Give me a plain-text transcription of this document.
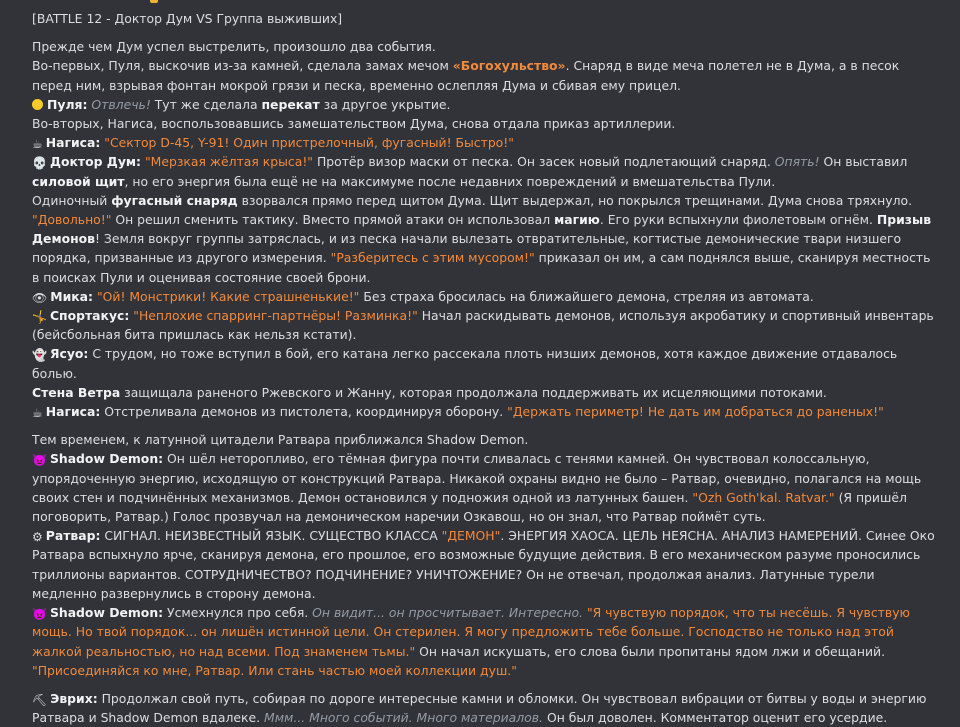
[BATTLE 12 - Доктор Дум VS Группа выживших]

Прежде чем Дум успел выстрелить, произошло два события.

Во-первых, Пуля, выскочив из-за камней, сделала замах мечом «Богохульство». Снаряд в виде меча полетел не в Дума, а в песок перед ним, взрывая фонтан мокрой грязи и песка, временно ослепляя Дума и сбивая ему прицел.

Пуля: Отвлечь! Тут же сделала перекат за другое укрытие.

Во-вторых, Нагиса, воспользовавшись замешательством Дума, снова отдала приказ артиллерии.

☕ Нагиса: "Сектор D-45, Y-91! Один пристрелочный, фугасный! Быстро!"

💀 Доктор Дум: "Мерзкая жёлтая крыса!" Протёр визор маски от песка. Он засек новый подлетающий снаряд. Опять! Он выставил силовой щит, но его энергия была ещё не на максимуме после недавних повреждений и вмешательства Пули.

Одиночный фугасный снаряд взорвался прямо перед щитом Дума. Щит выдержал, но покрылся трещинами. Дума снова тряхнуло. "Довольно!" Он решил сменить тактику. Вместо прямой атаки он использовал магию. Его руки вспыхнули фиолетовым огнём. Призыв Демонов! Земля вокруг группы затряслась, и из песка начали вылезать отвратительные, когтистые демонические твари низшего порядка, призванные из другого измерения. "Разберитесь с этим мусором!" приказал он им, а сам поднялся выше, сканируя местность в поисках Пули и оценивая состояние своей брони.

👁 Мика: "Ой! Монстрики! Какие страшненькие!" Без страха бросилась на ближайшего демона, стреляя из автомата.

🤸 Спортакус: "Неплохие спарринг-партнёры! Разминка!" Начал раскидывать демонов, используя акробатику и спортивный инвентарь (бейсбольная бита пришлась как нельзя кстати).

👻 Ясуо: С трудом, но тоже вступил в бой, его катана легко рассекала плоть низших демонов, хотя каждое движение отдавалось болью.
Стена Ветра защищала раненого Ржевского и Жанну, которая продолжала поддерживать их исцеляющими потоками.

☕ Нагиса: Отстреливала демонов из пистолета, координируя оборону. "Держать периметр! Не дать им добраться до раненых!"

Тем временем, к латунной цитадели Ратвара приближался Shadow Demon.

👿 Shadow Demon: Он шёл неторопливо, его тёмная фигура почти сливалась с тенями камней. Он чувствовал колоссальную, упорядоченную энергию, исходящую от конструкций Ратвара. Никакой охраны видно не было – Ратвар, очевидно, полагался на мощь своих стен и подчинённых механизмов. Демон остановился у подножия одной из латунных башен. "Ozh Goth'kal. Ratvar." (Я пришёл поговорить, Ратвар.) Голос прозвучал на демоническом наречии Озкавош, но он знал, что Ратвар поймёт суть.

⚙ Ратвар: СИГНАЛ. НЕИЗВЕСТНЫЙ ЯЗЫК. СУЩЕСТВО КЛАССА "ДЕМОН". ЭНЕРГИЯ ХАОСА. ЦЕЛЬ НЕЯСНА. АНАЛИЗ НАМЕРЕНИЙ. Синее Око Ратвара вспыхнуло ярче, сканируя демона, его прошлое, его возможные будущие действия. В его механическом разуме проносились триллионы вариантов. СОТРУДНИЧЕСТВО? ПОДЧИНЕНИЕ? УНИЧТОЖЕНИЕ? Он не отвечал, продолжая анализ. Латунные турели медленно развернулись в сторону демона.

👿 Shadow Demon: Усмехнулся про себя. Он видит... он просчитывает. Интересно. "Я чувствую порядок, что ты несёшь. Я чувствую мощь. Но твой порядок... он лишён истинной цели. Он стерилен. Я могу предложить тебе больше. Господство не только над этой жалкой реальностью, но над всеми. Под знаменем тьмы." Он начал искушать, его слова были пропитаны ядом лжи и обещаний. "Присоединяйся ко мне, Ратвар. Или стань частью моей коллекции душ."

⛏ Эврих: Продолжал свой путь, собирая по дороге интересные камни и обломки. Он чувствовал вибрации от битвы у воды и энергию Ратвара и Shadow Demon вдалеке. Ммм... Много событий. Много материалов. Он был доволен. Комментатор оценит его усердие.
